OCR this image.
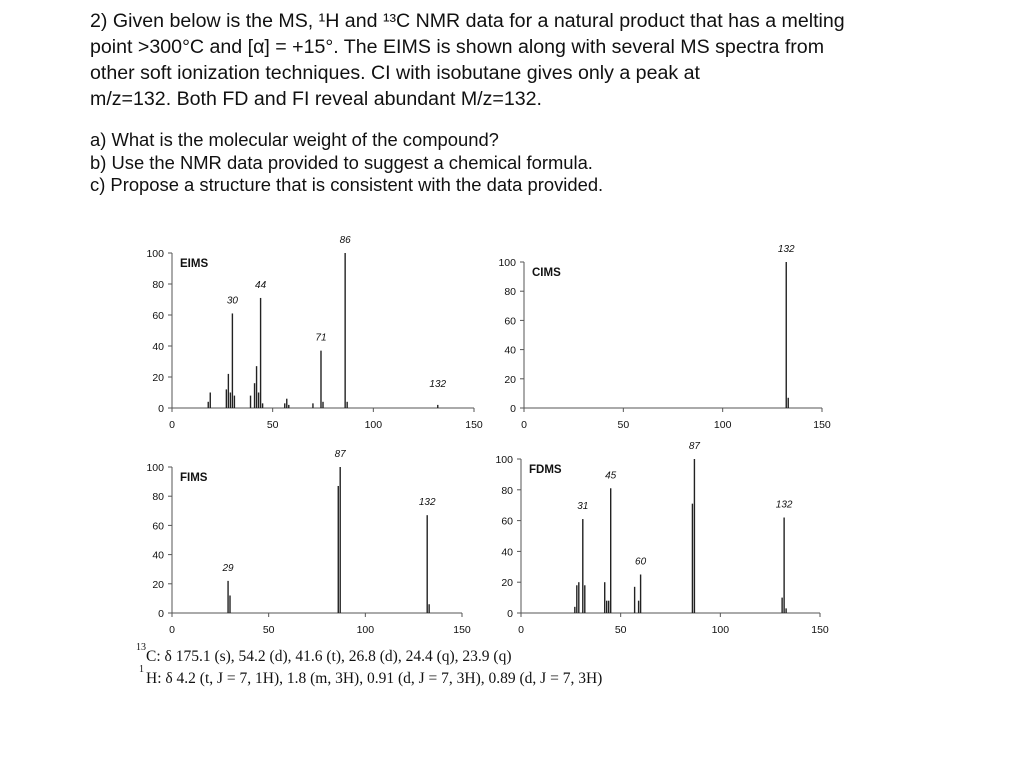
2) Given below is the MS, ¹H and ¹³C NMR data for a natural product that has a melting
point >300°C and [α] = +15°. The EIMS is shown along with several MS spectra from
other soft ionization techniques. CI with isobutane gives only a peak at
m/z=132. Both FD and FI reveal abundant M/z=132.
a) What is the molecular weight of the compound?
b) Use the NMR data provided to suggest a chemical formula.
c) Propose a structure that is consistent with the data provided.
0	50	100	150
0
20
40
60
80
100
EIMS
30
44
71
86
132
0	50	100	150
0
20
40
60
80
100
CIMS
132
0	50	100	150
0
20
40
60
80
100
FIMS
29
87
132
0	50	100	150
0
20
40
60
80
100
FDMS
31
45
60
87
132
13
C: δ 175.1 (s), 54.2 (d), 41.6 (t), 26.8 (d), 24.4 (q), 23.9 (q)
1
H: δ 4.2 (t, J = 7, 1H), 1.8 (m, 3H), 0.91 (d, J = 7, 3H), 0.89 (d, J = 7, 3H)
